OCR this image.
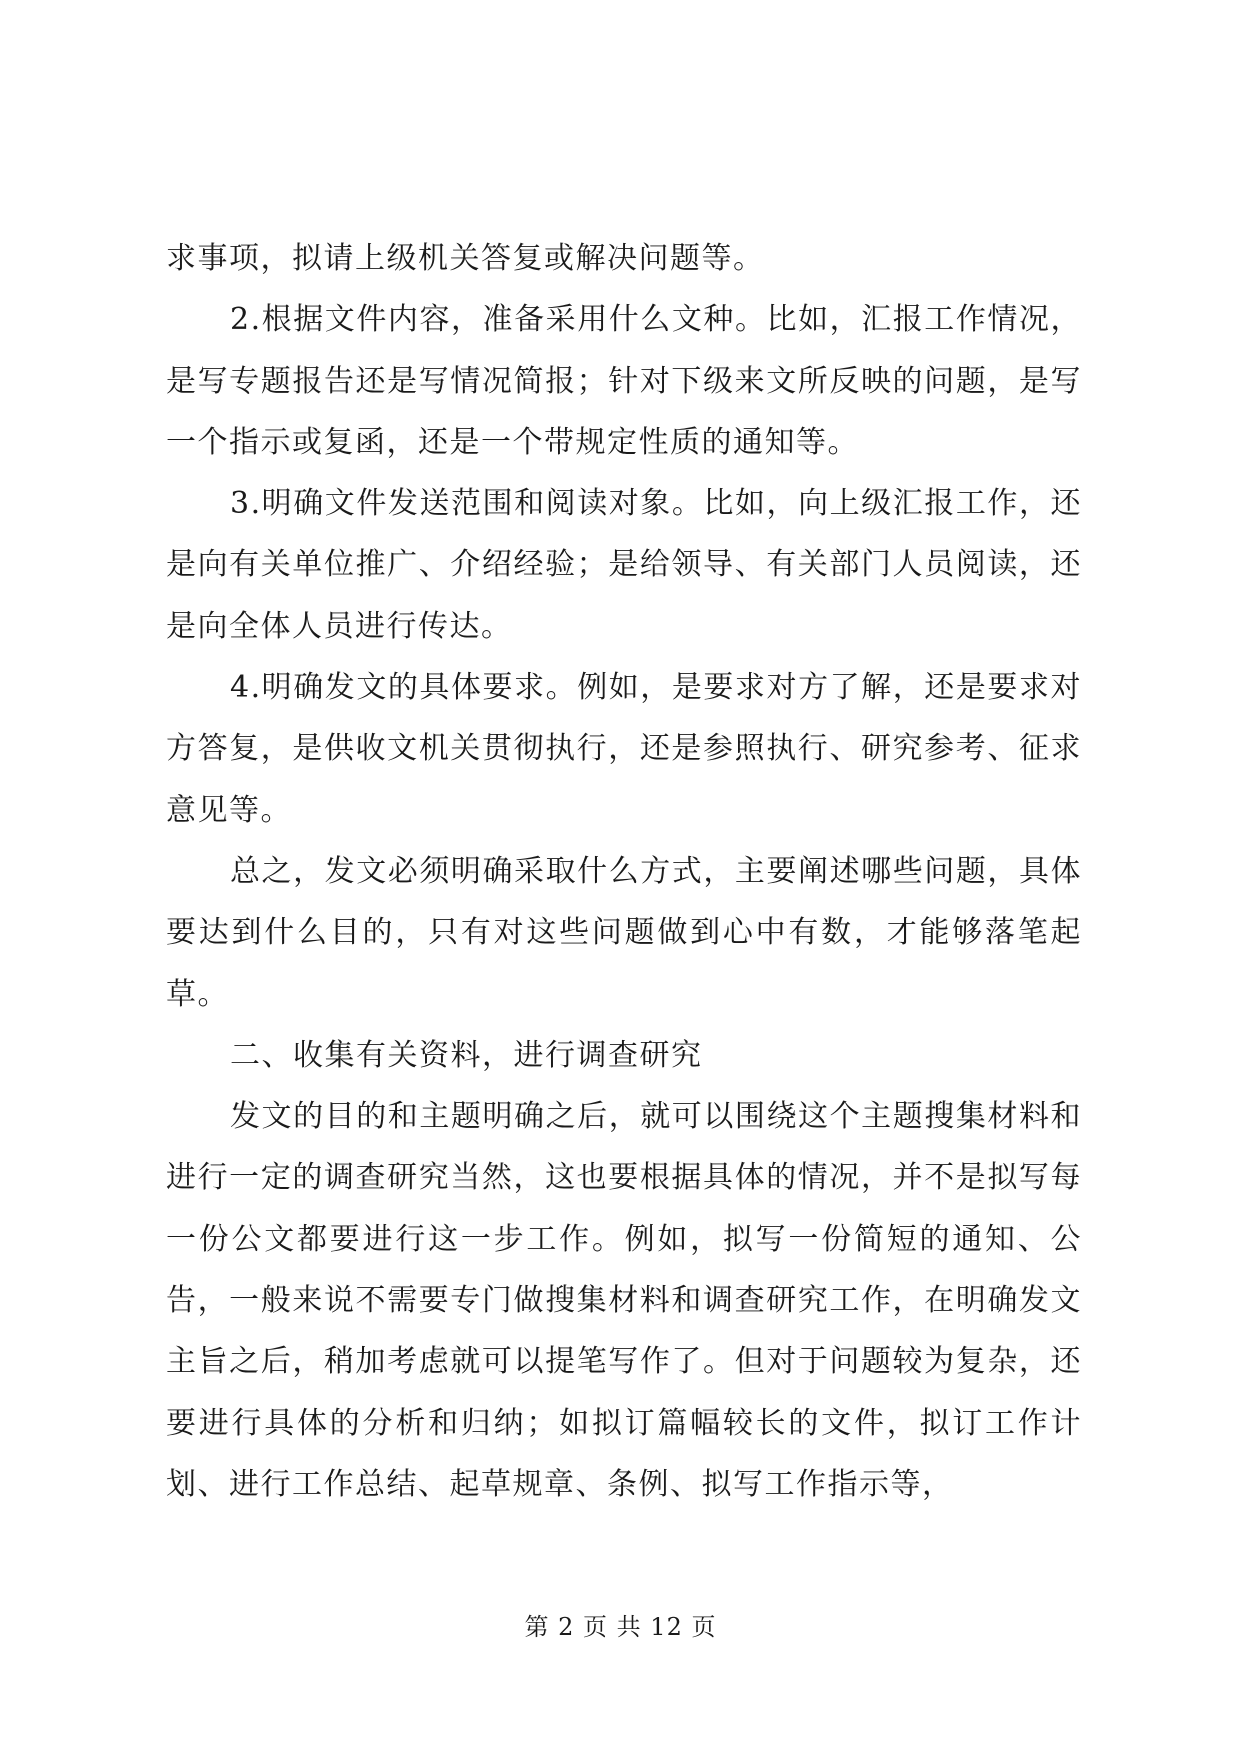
求事项，拟请上级机关答复或解决问题等。

2.根据文件内容，准备采用什么文种。比如，汇报工作情况，是写专题报告还是写情况简报；针对下级来文所反映的问题，是写一个指示或复函，还是一个带规定性质的通知等。

3.明确文件发送范围和阅读对象。比如，向上级汇报工作，还是向有关单位推广、介绍经验；是给领导、有关部门人员阅读，还是向全体人员进行传达。

4.明确发文的具体要求。例如，是要求对方了解，还是要求对方答复，是供收文机关贯彻执行，还是参照执行、研究参考、征求意见等。

总之，发文必须明确采取什么方式，主要阐述哪些问题，具体要达到什么目的，只有对这些问题做到心中有数，才能够落笔起草。

二、收集有关资料，进行调查研究

发文的目的和主题明确之后，就可以围绕这个主题搜集材料和进行一定的调查研究当然，这也要根据具体的情况，并不是拟写每一份公文都要进行这一步工作。例如，拟写一份简短的通知、公告，一般来说不需要专门做搜集材料和调查研究工作，在明确发文主旨之后，稍加考虑就可以提笔写作了。但对于问题较为复杂，还要进行具体的分析和归纳；如拟订篇幅较长的文件，拟订工作计划、进行工作总结、起草规章、条例、拟写工作指示等，

第 2 页 共 12 页
